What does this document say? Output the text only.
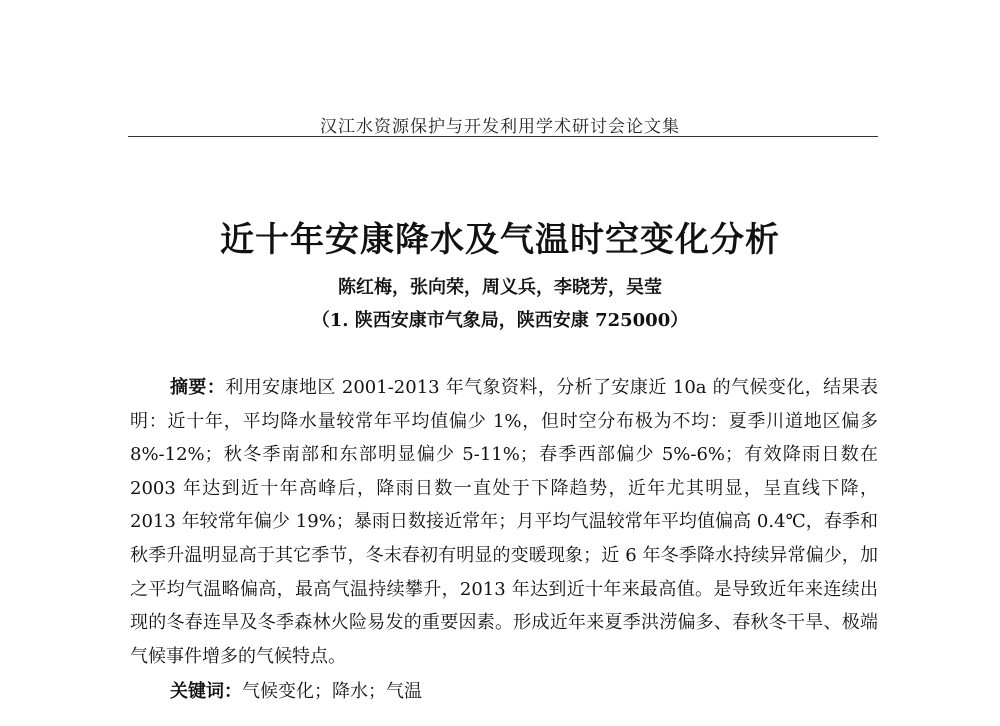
汉江水资源保护与开发利用学术研讨会论文集
近十年安康降水及气温时空变化分析
陈红梅，张向荣，周义兵，李晓芳，吴莹
（1. 陕西安康市气象局，陕西安康 725000）

摘要：利用安康地区 2001-2013 年气象资料，分析了安康近 10a 的气候变化，结果表明：近十年，平均降水量较常年平均值偏少 1%，但时空分布极为不均：夏季川道地区偏多 8%-12%；秋冬季南部和东部明显偏少 5-11%；春季西部偏少 5%-6%；有效降雨日数在 2003 年达到近十年高峰后，降雨日数一直处于下降趋势，近年尤其明显，呈直线下降， 2013 年较常年偏少 19%；暴雨日数接近常年；月平均气温较常年平均值偏高 0.4℃，春季和秋季升温明显高于其它季节，冬末春初有明显的变暖现象；近 6 年冬季降水持续异常偏少，加之平均气温略偏高，最高气温持续攀升，2013 年达到近十年来最高值。是导致近年来连续出现的冬春连旱及冬季森林火险易发的重要因素。形成近年来夏季洪涝偏多、春秋冬干旱、极端气候事件增多的气候特点。

关键词：气候变化；降水；气温
